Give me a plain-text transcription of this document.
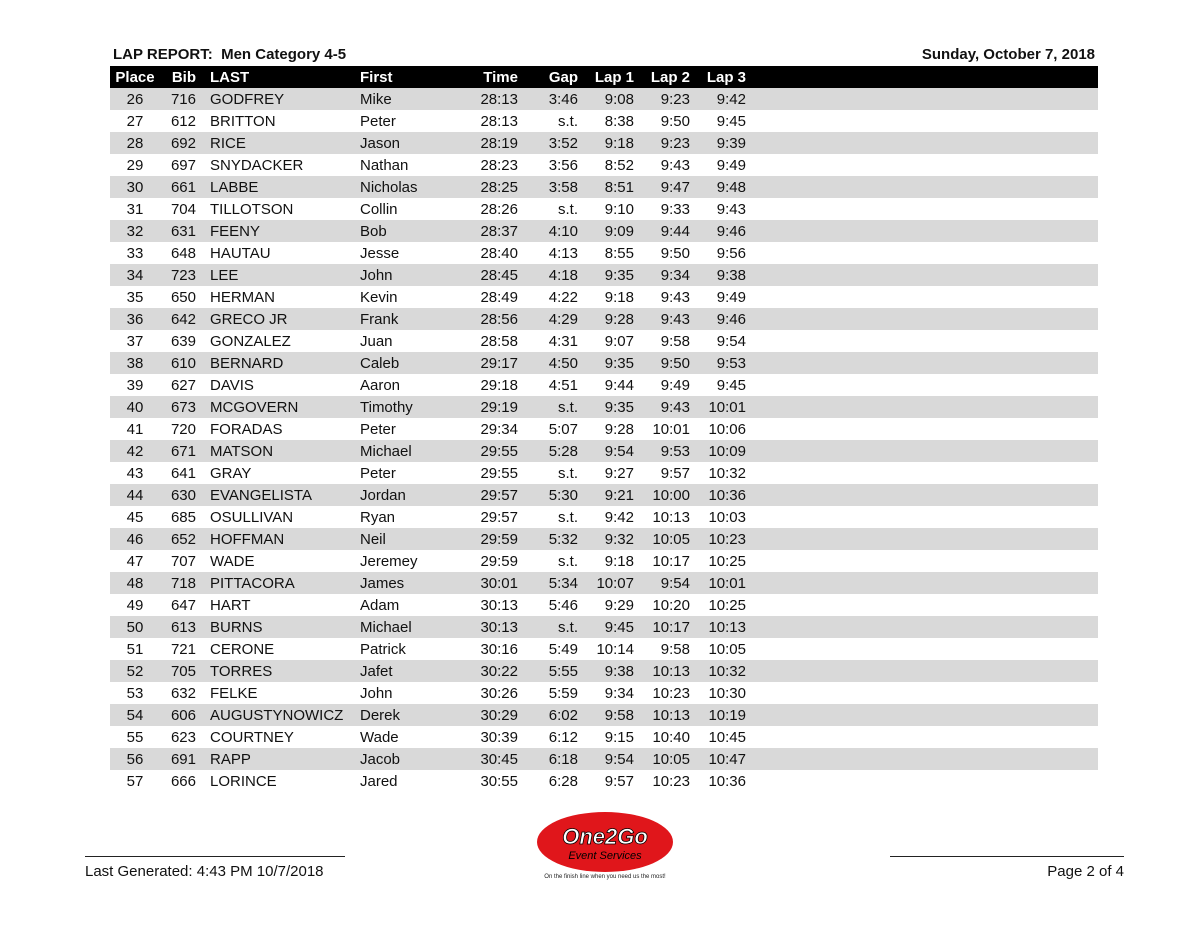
LAP REPORT:  Men Category 4-5	Sunday, October 7, 2018
Place	Bib		LAST	First	Time	Gap	Lap 1	Lap 2	Lap 3	
26	716		GODFREY	Mike	28:13	3:46	9:08	9:23	9:42	
27	612		BRITTON	Peter	28:13	s.t.	8:38	9:50	9:45	
28	692		RICE	Jason	28:19	3:52	9:18	9:23	9:39	
29	697		SNYDACKER	Nathan	28:23	3:56	8:52	9:43	9:49	
30	661		LABBE	Nicholas	28:25	3:58	8:51	9:47	9:48	
31	704		TILLOTSON	Collin	28:26	s.t.	9:10	9:33	9:43	
32	631		FEENY	Bob	28:37	4:10	9:09	9:44	9:46	
33	648		HAUTAU	Jesse	28:40	4:13	8:55	9:50	9:56	
34	723		LEE	John	28:45	4:18	9:35	9:34	9:38	
35	650		HERMAN	Kevin	28:49	4:22	9:18	9:43	9:49	
36	642		GRECO JR	Frank	28:56	4:29	9:28	9:43	9:46	
37	639		GONZALEZ	Juan	28:58	4:31	9:07	9:58	9:54	
38	610		BERNARD	Caleb	29:17	4:50	9:35	9:50	9:53	
39	627		DAVIS	Aaron	29:18	4:51	9:44	9:49	9:45	
40	673		MCGOVERN	Timothy	29:19	s.t.	9:35	9:43	10:01	
41	720		FORADAS	Peter	29:34	5:07	9:28	10:01	10:06	
42	671		MATSON	Michael	29:55	5:28	9:54	9:53	10:09	
43	641		GRAY	Peter	29:55	s.t.	9:27	9:57	10:32	
44	630		EVANGELISTA	Jordan	29:57	5:30	9:21	10:00	10:36	
45	685		OSULLIVAN	Ryan	29:57	s.t.	9:42	10:13	10:03	
46	652		HOFFMAN	Neil	29:59	5:32	9:32	10:05	10:23	
47	707		WADE	Jeremey	29:59	s.t.	9:18	10:17	10:25	
48	718		PITTACORA	James	30:01	5:34	10:07	9:54	10:01	
49	647		HART	Adam	30:13	5:46	9:29	10:20	10:25	
50	613		BURNS	Michael	30:13	s.t.	9:45	10:17	10:13	
51	721		CERONE	Patrick	30:16	5:49	10:14	9:58	10:05	
52	705		TORRES	Jafet	30:22	5:55	9:38	10:13	10:32	
53	632		FELKE	John	30:26	5:59	9:34	10:23	10:30	
54	606		AUGUSTYNOWICZ	Derek	30:29	6:02	9:58	10:13	10:19	
55	623		COURTNEY	Wade	30:39	6:12	9:15	10:40	10:45	
56	691		RAPP	Jacob	30:45	6:18	9:54	10:05	10:47	
57	666		LORINCE	Jared	30:55	6:28	9:57	10:23	10:36	
Last Generated: 4:43 PM 10/7/2018	Page 2 of 4
One2Go
Event Services
On the finish line when you need us the most!
